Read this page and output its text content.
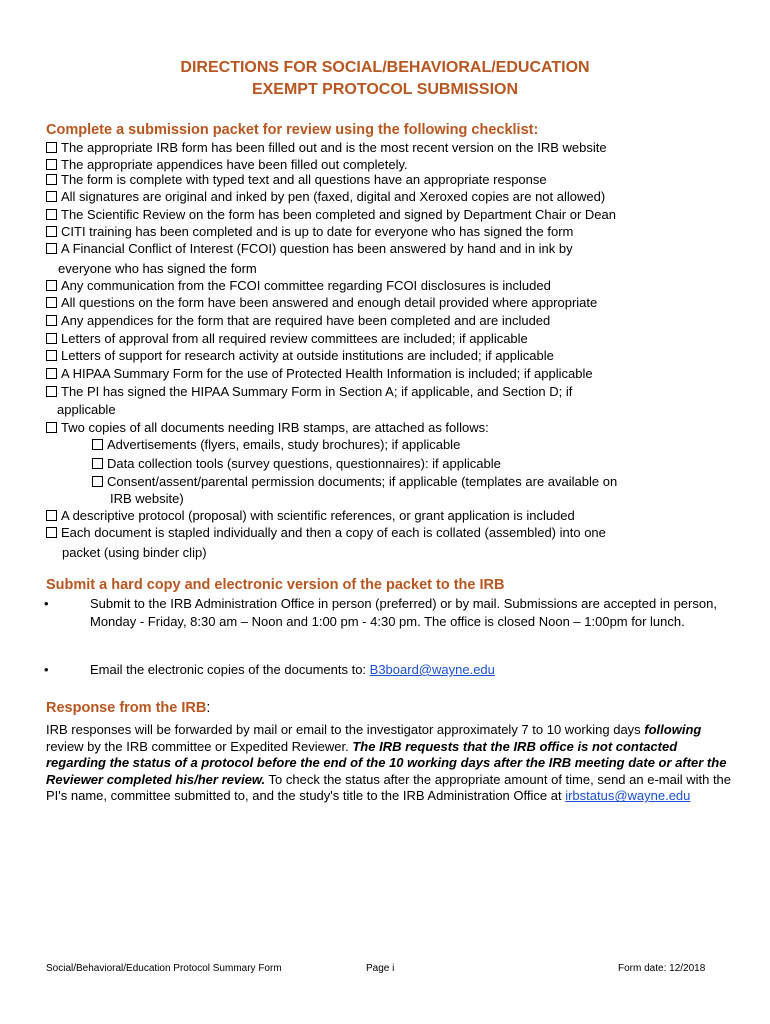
DIRECTIONS FOR SOCIAL/BEHAVIORAL/EDUCATION
EXEMPT PROTOCOL SUBMISSION
Complete a submission packet for review using the following checklist:
The appropriate IRB form has been filled out and is the most recent version on the IRB website
The appropriate appendices have been filled out completely.
The form is complete with typed text and all questions have an appropriate response
All signatures are original and inked by pen (faxed, digital and Xeroxed copies are not allowed)
The Scientific Review on the form has been completed and signed by Department Chair or Dean
CITI training has been completed and is up to date for everyone who has signed the form
A Financial Conflict of Interest (FCOI) question has been answered by hand and in ink by
everyone who has signed the form
Any communication from the FCOI committee regarding FCOI disclosures is included
All questions on the form have been answered and enough detail provided where appropriate
Any appendices for the form that are required have been completed and are included
Letters of approval from all required review committees are included; if applicable
Letters of support for research activity at outside institutions are included; if applicable
A HIPAA Summary Form for the use of Protected Health Information is included; if applicable
The PI has signed the HIPAA Summary Form in Section A; if applicable, and Section D; if
applicable
Two copies of all documents needing IRB stamps, are attached as follows:
Advertisements (flyers, emails, study brochures); if applicable
Data collection tools (survey questions, questionnaires): if applicable
Consent/assent/parental permission documents; if applicable (templates are available on
IRB website)
A descriptive protocol (proposal) with scientific references, or grant application is included
Each document is stapled individually and then a copy of each is collated (assembled) into one
packet (using binder clip)
Submit a hard copy and electronic version of the packet to the IRB
•	Submit to the IRB Administration Office in person (preferred) or by mail. Submissions are accepted in person, Monday - Friday, 8:30 am – Noon and 1:00 pm - 4:30 pm. The office is closed Noon – 1:00pm for lunch.
•	Email the electronic copies of the documents to: B3board@wayne.edu
Response from the IRB:
IRB responses will be forwarded by mail or email to the investigator approximately 7 to 10 working days following review by the IRB committee or Expedited Reviewer. The IRB requests that the IRB office is not contacted regarding the status of a protocol before the end of the 10 working days after the IRB meeting date or after the Reviewer completed his/her review. To check the status after the appropriate amount of time, send an e-mail with the PI's name, committee submitted to, and the study's title to the IRB Administration Office at irbstatus@wayne.edu
Social/Behavioral/Education Protocol Summary Form	Page i	Form date: 12/2018
